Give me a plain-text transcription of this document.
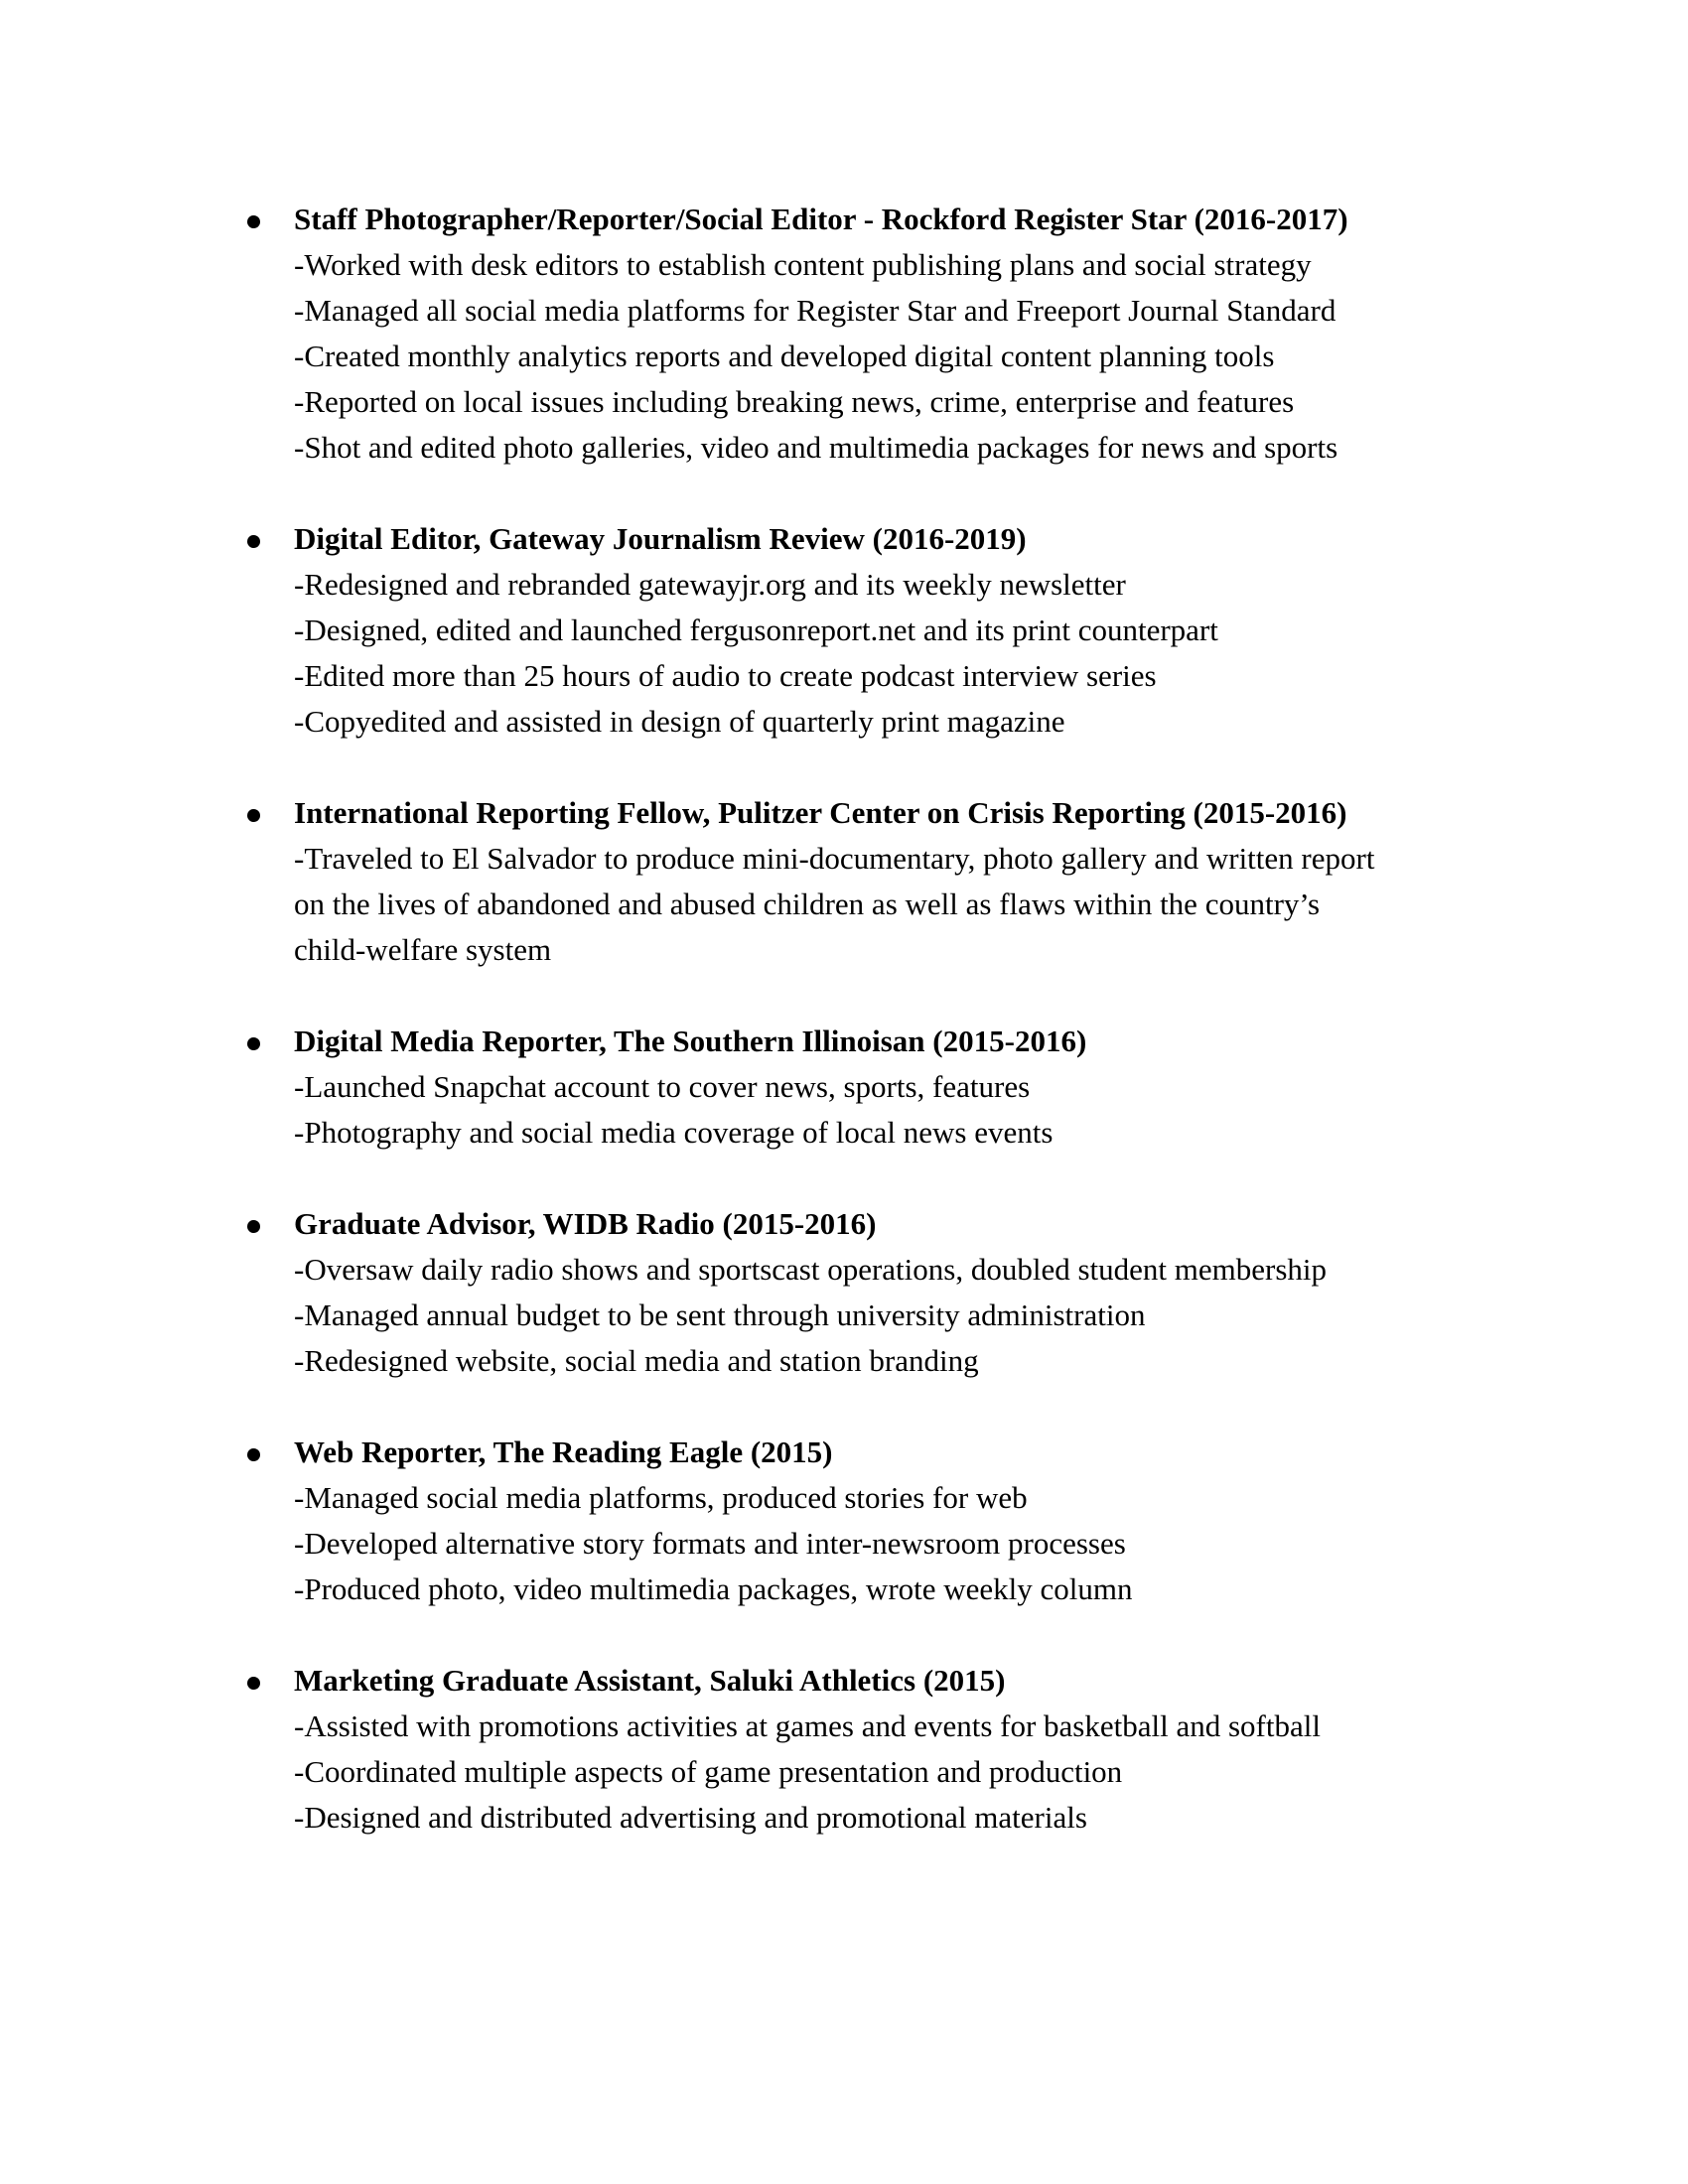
Staff Photographer/Reporter/Social Editor - Rockford Register Star (2016-2017)
-Worked with desk editors to establish content publishing plans and social strategy
-Managed all social media platforms for Register Star and Freeport Journal Standard
-Created monthly analytics reports and developed digital content planning tools
-Reported on local issues including breaking news, crime, enterprise and features
-Shot and edited photo galleries, video and multimedia packages for news and sports
Digital Editor, Gateway Journalism Review (2016-2019)
-Redesigned and rebranded gatewayjr.org and its weekly newsletter
-Designed, edited and launched fergusonreport.net and its print counterpart
-Edited more than 25 hours of audio to create podcast interview series
-Copyedited and assisted in design of quarterly print magazine
International Reporting Fellow, Pulitzer Center on Crisis Reporting (2015-2016)
-Traveled to El Salvador to produce mini-documentary, photo gallery and written report
on the lives of abandoned and abused children as well as flaws within the country’s
child-welfare system
Digital Media Reporter, The Southern Illinoisan (2015-2016)
-Launched Snapchat account to cover news, sports, features
-Photography and social media coverage of local news events
Graduate Advisor, WIDB Radio (2015-2016)
-Oversaw daily radio shows and sportscast operations, doubled student membership
-Managed annual budget to be sent through university administration
-Redesigned website, social media and station branding
Web Reporter, The Reading Eagle (2015)
-Managed social media platforms, produced stories for web
-Developed alternative story formats and inter-newsroom processes
-Produced photo, video multimedia packages, wrote weekly column
Marketing Graduate Assistant, Saluki Athletics (2015)
-Assisted with promotions activities at games and events for basketball and softball
-Coordinated multiple aspects of game presentation and production
-Designed and distributed advertising and promotional materials
